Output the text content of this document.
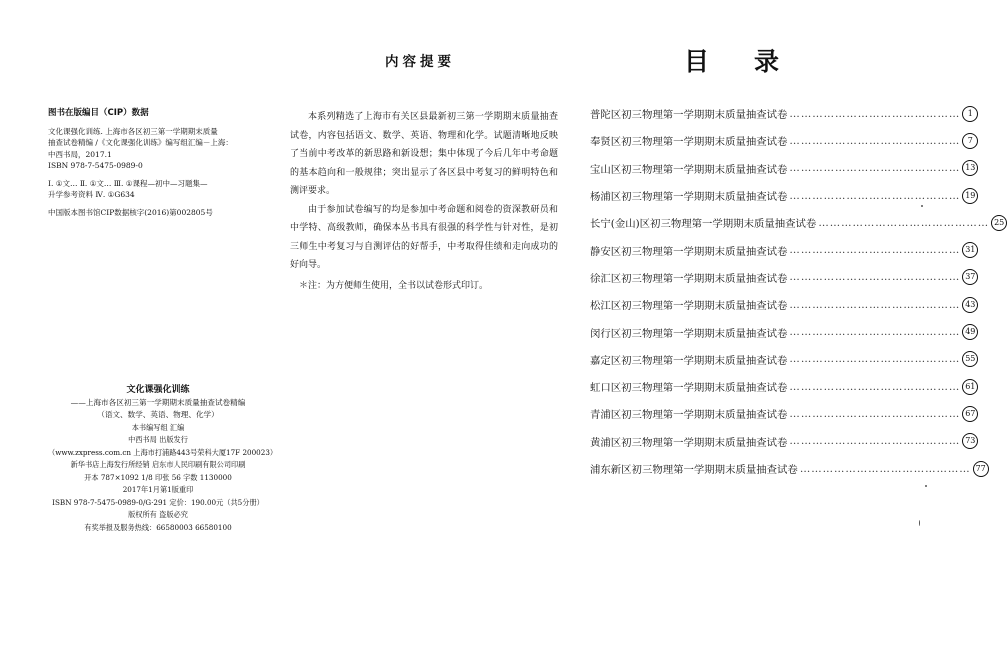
图书在版编目（CIP）数据
文化课强化训练. 上海市各区初三第一学期期末质量
抽查试卷精编 /《文化课强化训练》编写组汇编－上海：
中西书局，2017.1
ISBN 978-7-5475-0989-0
Ⅰ. ①文… Ⅱ. ①文… Ⅲ. ①课程—初中—习题集—
升学参考资料 Ⅳ. ①G634
中国版本图书馆CIP数据核字(2016)第002805号
文化课强化训练
——上海市各区初三第一学期期末质量抽查试卷精编
（语文、数学、英语、物理、化学）
本书编写组 汇编
中西书局 出版发行
（www.zxpress.com.cn 上海市打浦路443号荣科大厦17F 200023）
新华书店上海发行所经销 启东市人民印刷有限公司印刷
开本 787×1092 1/8 印张 56 字数 1130000
2017年1月第1版重印
ISBN 978-7-5475-0989-0/G·291 定价：190.00元（共5分册）
版权所有 盗版必究
有奖举报及服务热线：66580003 66580100
内容提要

本系列精选了上海市有关区县最新初三第一学期期末质量抽查试卷，内容包括语文、数学、英语、物理和化学。试题清晰地反映了当前中考改革的新思路和新设想；集中体现了今后几年中考命题的基本趋向和一般规律；突出显示了各区县中考复习的鲜明特色和测评要求。

由于参加试卷编写的均是参加中考命题和阅卷的资深教研员和中学特、高级教师，确保本丛书具有很强的科学性与针对性，是初三师生中考复习与自测评估的好帮手，中考取得佳绩和走向成功的好向导。

＊注：为方便师生使用，全书以试卷形式印订。

目录
普陀区初三物理第一学期期末质量抽查试卷 ……………………………………… 1
奉贤区初三物理第一学期期末质量抽查试卷 ……………………………………… 7
宝山区初三物理第一学期期末质量抽查试卷 ……………………………………… 13
杨浦区初三物理第一学期期末质量抽查试卷 ……………………………………… 19
长宁(金山)区初三物理第一学期期末质量抽查试卷 ……………………………………… 25
静安区初三物理第一学期期末质量抽查试卷 ……………………………………… 31
徐汇区初三物理第一学期期末质量抽查试卷 ……………………………………… 37
松江区初三物理第一学期期末质量抽查试卷 ……………………………………… 43
闵行区初三物理第一学期期末质量抽查试卷 ……………………………………… 49
嘉定区初三物理第一学期期末质量抽查试卷 ……………………………………… 55
虹口区初三物理第一学期期末质量抽查试卷 ……………………………………… 61
青浦区初三物理第一学期期末质量抽查试卷 ……………………………………… 67
黄浦区初三物理第一学期期末质量抽查试卷 ……………………………………… 73
浦东新区初三物理第一学期期末质量抽查试卷 ……………………………………… 77
